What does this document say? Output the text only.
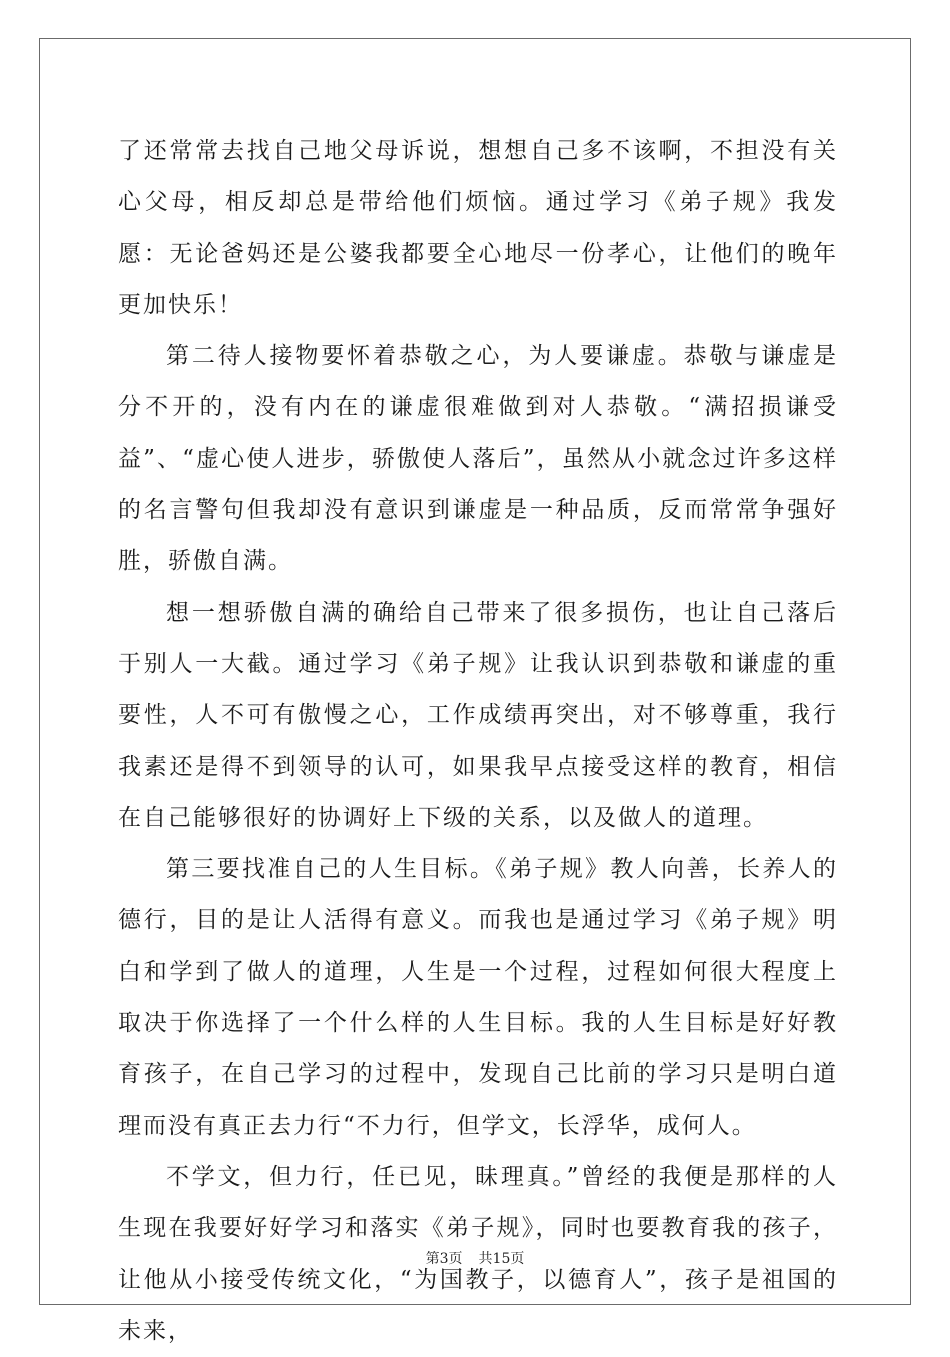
了还常常去找自己地父母诉说，想想自己多不该啊，不担没有关心父母，相反却总是带给他们烦恼。通过学习《弟子规》我发愿：无论爸妈还是公婆我都要全心地尽一份孝心，让他们的晚年更加快乐！

第二待人接物要怀着恭敬之心，为人要谦虚。恭敬与谦虚是分不开的，没有内在的谦虚很难做到对人恭敬。“满招损谦受益”、“虚心使人进步，骄傲使人落后”，虽然从小就念过许多这样的名言警句但我却没有意识到谦虚是一种品质，反而常常争强好胜，骄傲自满。

想一想骄傲自满的确给自己带来了很多损伤，也让自己落后于别人一大截。通过学习《弟子规》让我认识到恭敬和谦虚的重要性，人不可有傲慢之心，工作成绩再突出，对不够尊重，我行我素还是得不到领导的认可，如果我早点接受这样的教育，相信在自己能够很好的协调好上下级的关系，以及做人的道理。

第三要找准自己的人生目标。《弟子规》教人向善，长养人的德行，目的是让人活得有意义。而我也是通过学习《弟子规》明白和学到了做人的道理，人生是一个过程，过程如何很大程度上取决于你选择了一个什么样的人生目标。我的人生目标是好好教育孩子，在自己学习的过程中，发现自己比前的学习只是明白道理而没有真正去力行“不力行，但学文，长浮华，成何人。

不学文，但力行，任已见，昧理真。”曾经的我便是那样的人生现在我要好好学习和落实《弟子规》，同时也要教育我的孩子，让他从小接受传统文化，“为国教子，以德育人”，孩子是祖国的未来，

第3页 共15页
